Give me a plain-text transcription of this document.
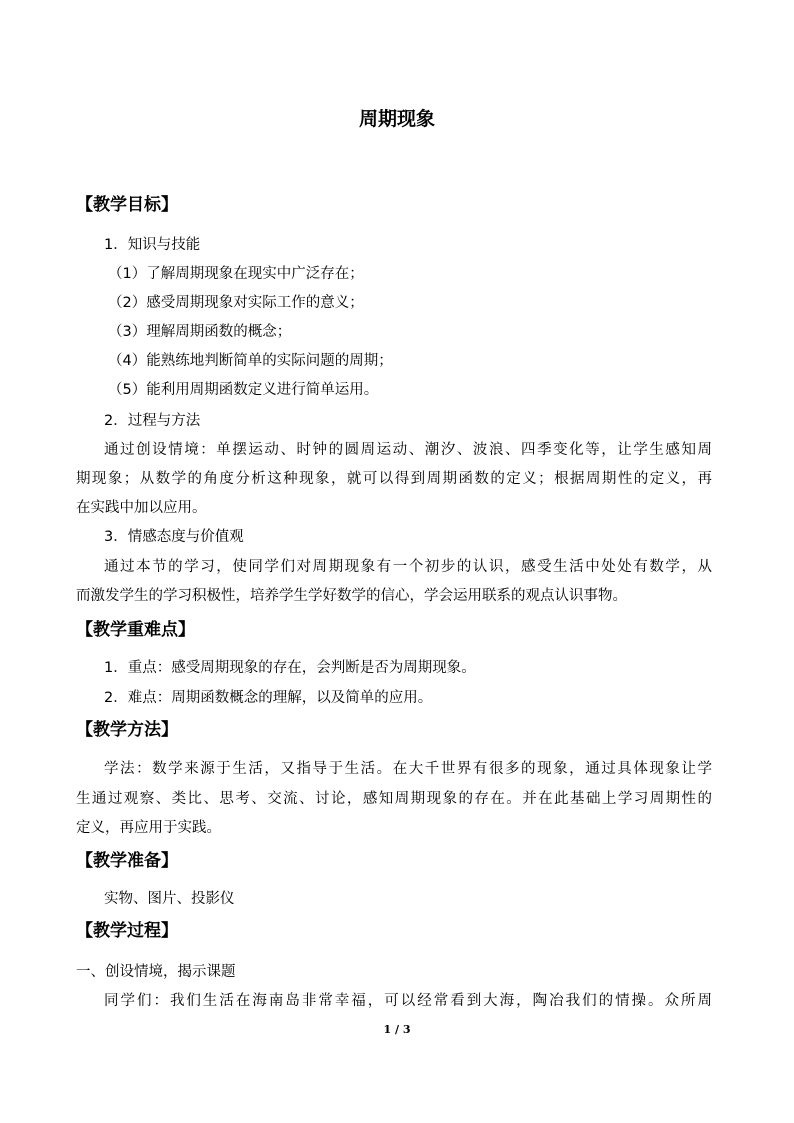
周期现象
【教学目标】
1．知识与技能
（1）了解周期现象在现实中广泛存在；
（2）感受周期现象对实际工作的意义；
（3）理解周期函数的概念；
（4）能熟练地判断简单的实际问题的周期；
（5）能利用周期函数定义进行简单运用。
2．过程与方法
通过创设情境：单摆运动、时钟的圆周运动、潮汐、波浪、四季变化等，让学生感知周
期现象；从数学的角度分析这种现象，就可以得到周期函数的定义；根据周期性的定义，再
在实践中加以应用。
3．情感态度与价值观
通过本节的学习，使同学们对周期现象有一个初步的认识，感受生活中处处有数学，从
而激发学生的学习积极性，培养学生学好数学的信心，学会运用联系的观点认识事物。
【教学重难点】
1．重点：感受周期现象的存在，会判断是否为周期现象。
2．难点：周期函数概念的理解，以及简单的应用。
【教学方法】
学法：数学来源于生活，又指导于生活。在大千世界有很多的现象，通过具体现象让学
生通过观察、类比、思考、交流、讨论，感知周期现象的存在。并在此基础上学习周期性的
定义，再应用于实践。
【教学准备】
实物、图片、投影仪
【教学过程】
一、创设情境，揭示课题
同学们：我们生活在海南岛非常幸福，可以经常看到大海，陶冶我们的情操。众所周
1 / 3
